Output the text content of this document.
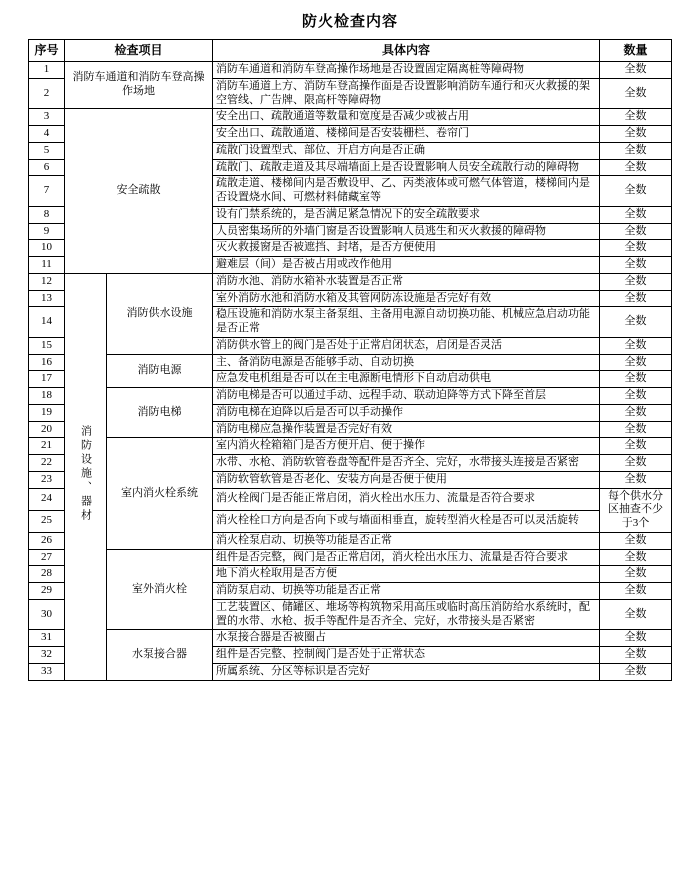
防火检查内容
序号	检查项目		具体内容	数量
1	消防车通道和消防车登高操作场地		消防车通道和消防车登高操作场地是否设置固定隔离桩等障碍物	全数
2			消防车通道上方、消防车登高操作面是否设置影响消防车通行和灭火救援的架空管线、广告牌、限高杆等障碍物	全数
3	安全疏散		安全出口、疏散通道等数量和宽度是否减少或被占用	全数
4			安全出口、疏散通道、楼梯间是否安装栅栏、卷帘门	全数
5			疏散门设置型式、部位、开启方向是否正确	全数
6			疏散门、疏散走道及其尽端墙面上是否设置影响人员安全疏散行动的障碍物	全数
7			疏散走道、楼梯间内是否敷设甲、乙、丙类液体或可燃气体管道，楼梯间内是否设置烧水间、可燃材料储藏室等	全数
8			设有门禁系统的，是否满足紧急情况下的安全疏散要求	全数
9			人员密集场所的外墙门窗是否设置影响人员逃生和灭火救援的障碍物	全数
10			灭火救援窗是否被遮挡、封堵，是否方便使用	全数
11			避难层（间）是否被占用或改作他用	全数
12	消防设施、器材	消防供水设施	消防水池、消防水箱补水装置是否正常	全数
13			室外消防水池和消防水箱及其管网防冻设施是否完好有效	全数
14			稳压设施和消防水泵主备泵组、主备用电源自动切换功能、机械应急启动功能是否正常	全数
15			消防供水管上的阀门是否处于正常启闭状态，启闭是否灵活	全数
16		消防电源	主、备消防电源是否能够手动、自动切换	全数
17			应急发电机组是否可以在主电源断电情形下自动启动供电	全数
18		消防电梯	消防电梯是否可以通过手动、远程手动、联动迫降等方式下降至首层	全数
19			消防电梯在迫降以后是否可以手动操作	全数
20			消防电梯应急操作装置是否完好有效	全数
21		室内消火栓系统	室内消火栓箱箱门是否方便开启、便于操作	全数
22			水带、水枪、消防软管卷盘等配件是否齐全、完好，水带接头连接是否紧密	全数
23			消防软管软管是否老化、安装方向是否便于使用	全数
24			消火栓阀门是否能正常启闭，消火栓出水压力、流量是否符合要求	每个供水分区抽查不少于3个
25			消火栓栓口方向是否向下或与墙面相垂直，旋转型消火栓是否可以灵活旋转	
26			消火栓泵启动、切换等功能是否正常	全数
27		室外消火栓	组件是否完整，阀门是否正常启闭，消火栓出水压力、流量是否符合要求	全数
28			地下消火栓取用是否方便	全数
29			消防泵启动、切换等功能是否正常	全数
30			工艺装置区、储罐区、堆场等构筑物采用高压或临时高压消防给水系统时，配置的水带、水枪、扳手等配件是否齐全、完好，水带接头是否紧密	全数
31		水泵接合器	水泵接合器是否被圈占	全数
32			组件是否完整、控制阀门是否处于正常状态	全数
33			所属系统、分区等标识是否完好	全数
